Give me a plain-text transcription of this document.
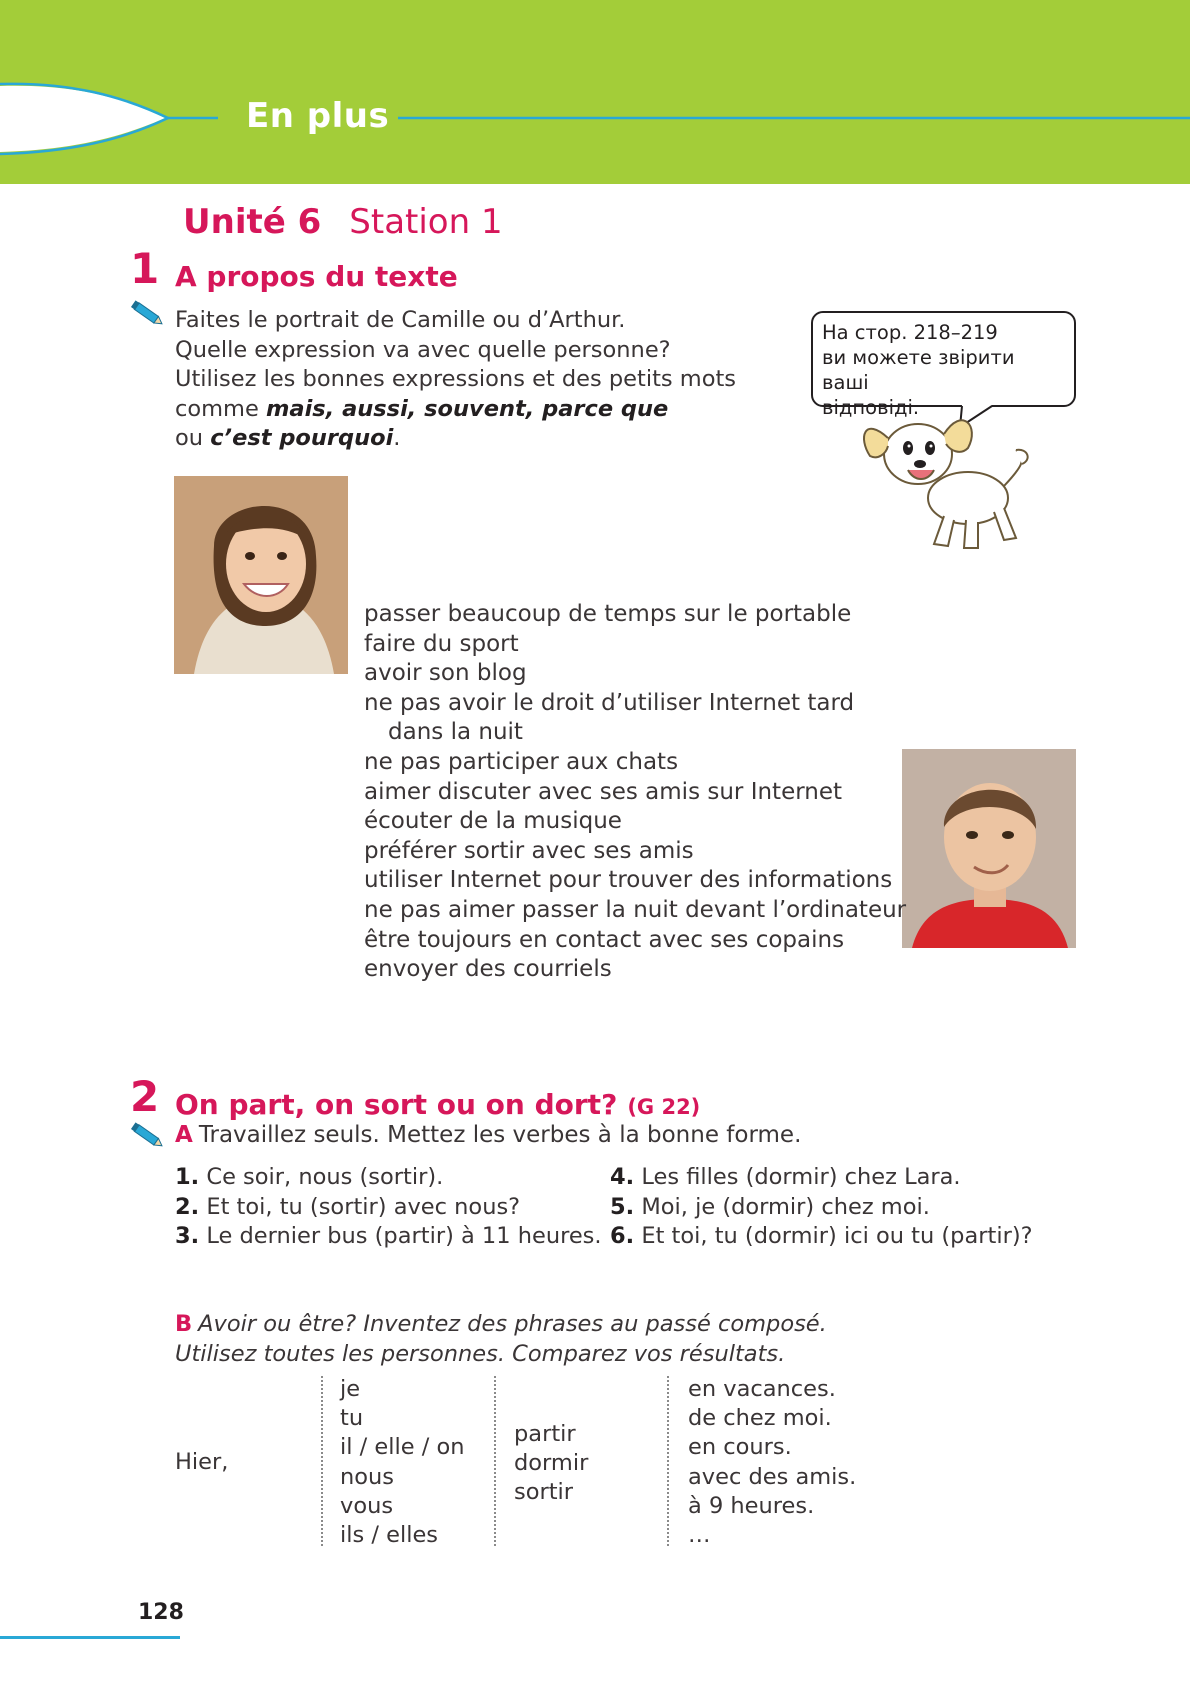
En plus
Unité 6 Station 1
1 A propos du texte
Faites le portrait de Camille ou d’Arthur.
Quelle expression va avec quelle personne?
Utilisez les bonnes expressions et des petits mots
comme mais, aussi, souvent, parce que
ou c’est pourquoi.
На стор. 218–219
ви можете звірити ваші
відповіді.
passer beaucoup de temps sur le portable
faire du sport
avoir son blog
ne pas avoir le droit d’utiliser Internet tard
dans la nuit
ne pas participer aux chats
aimer discuter avec ses amis sur Internet
écouter de la musique
préférer sortir avec ses amis
utiliser Internet pour trouver des informations
ne pas aimer passer la nuit devant l’ordinateur
être toujours en contact avec ses copains
envoyer des courriels
2 On part, on sort ou on dort? (G 22)
A Travaillez seuls. Mettez les verbes à la bonne forme.
1. Ce soir, nous (sortir).
2. Et toi, tu (sortir) avec nous?
3. Le dernier bus (partir) à 11 heures.
4. Les filles (dormir) chez Lara.
5. Moi, je (dormir) chez moi.
6. Et toi, tu (dormir) ici ou tu (partir)?
B Avoir ou être? Inventez des phrases au passé composé.
Utilisez toutes les personnes. Comparez vos résultats.
Hier,
je
tu
il / elle / on
nous
vous
ils / elles
partir
dormir
sortir
en vacances.
de chez moi.
en cours.
avec des amis.
à 9 heures.
…
128
